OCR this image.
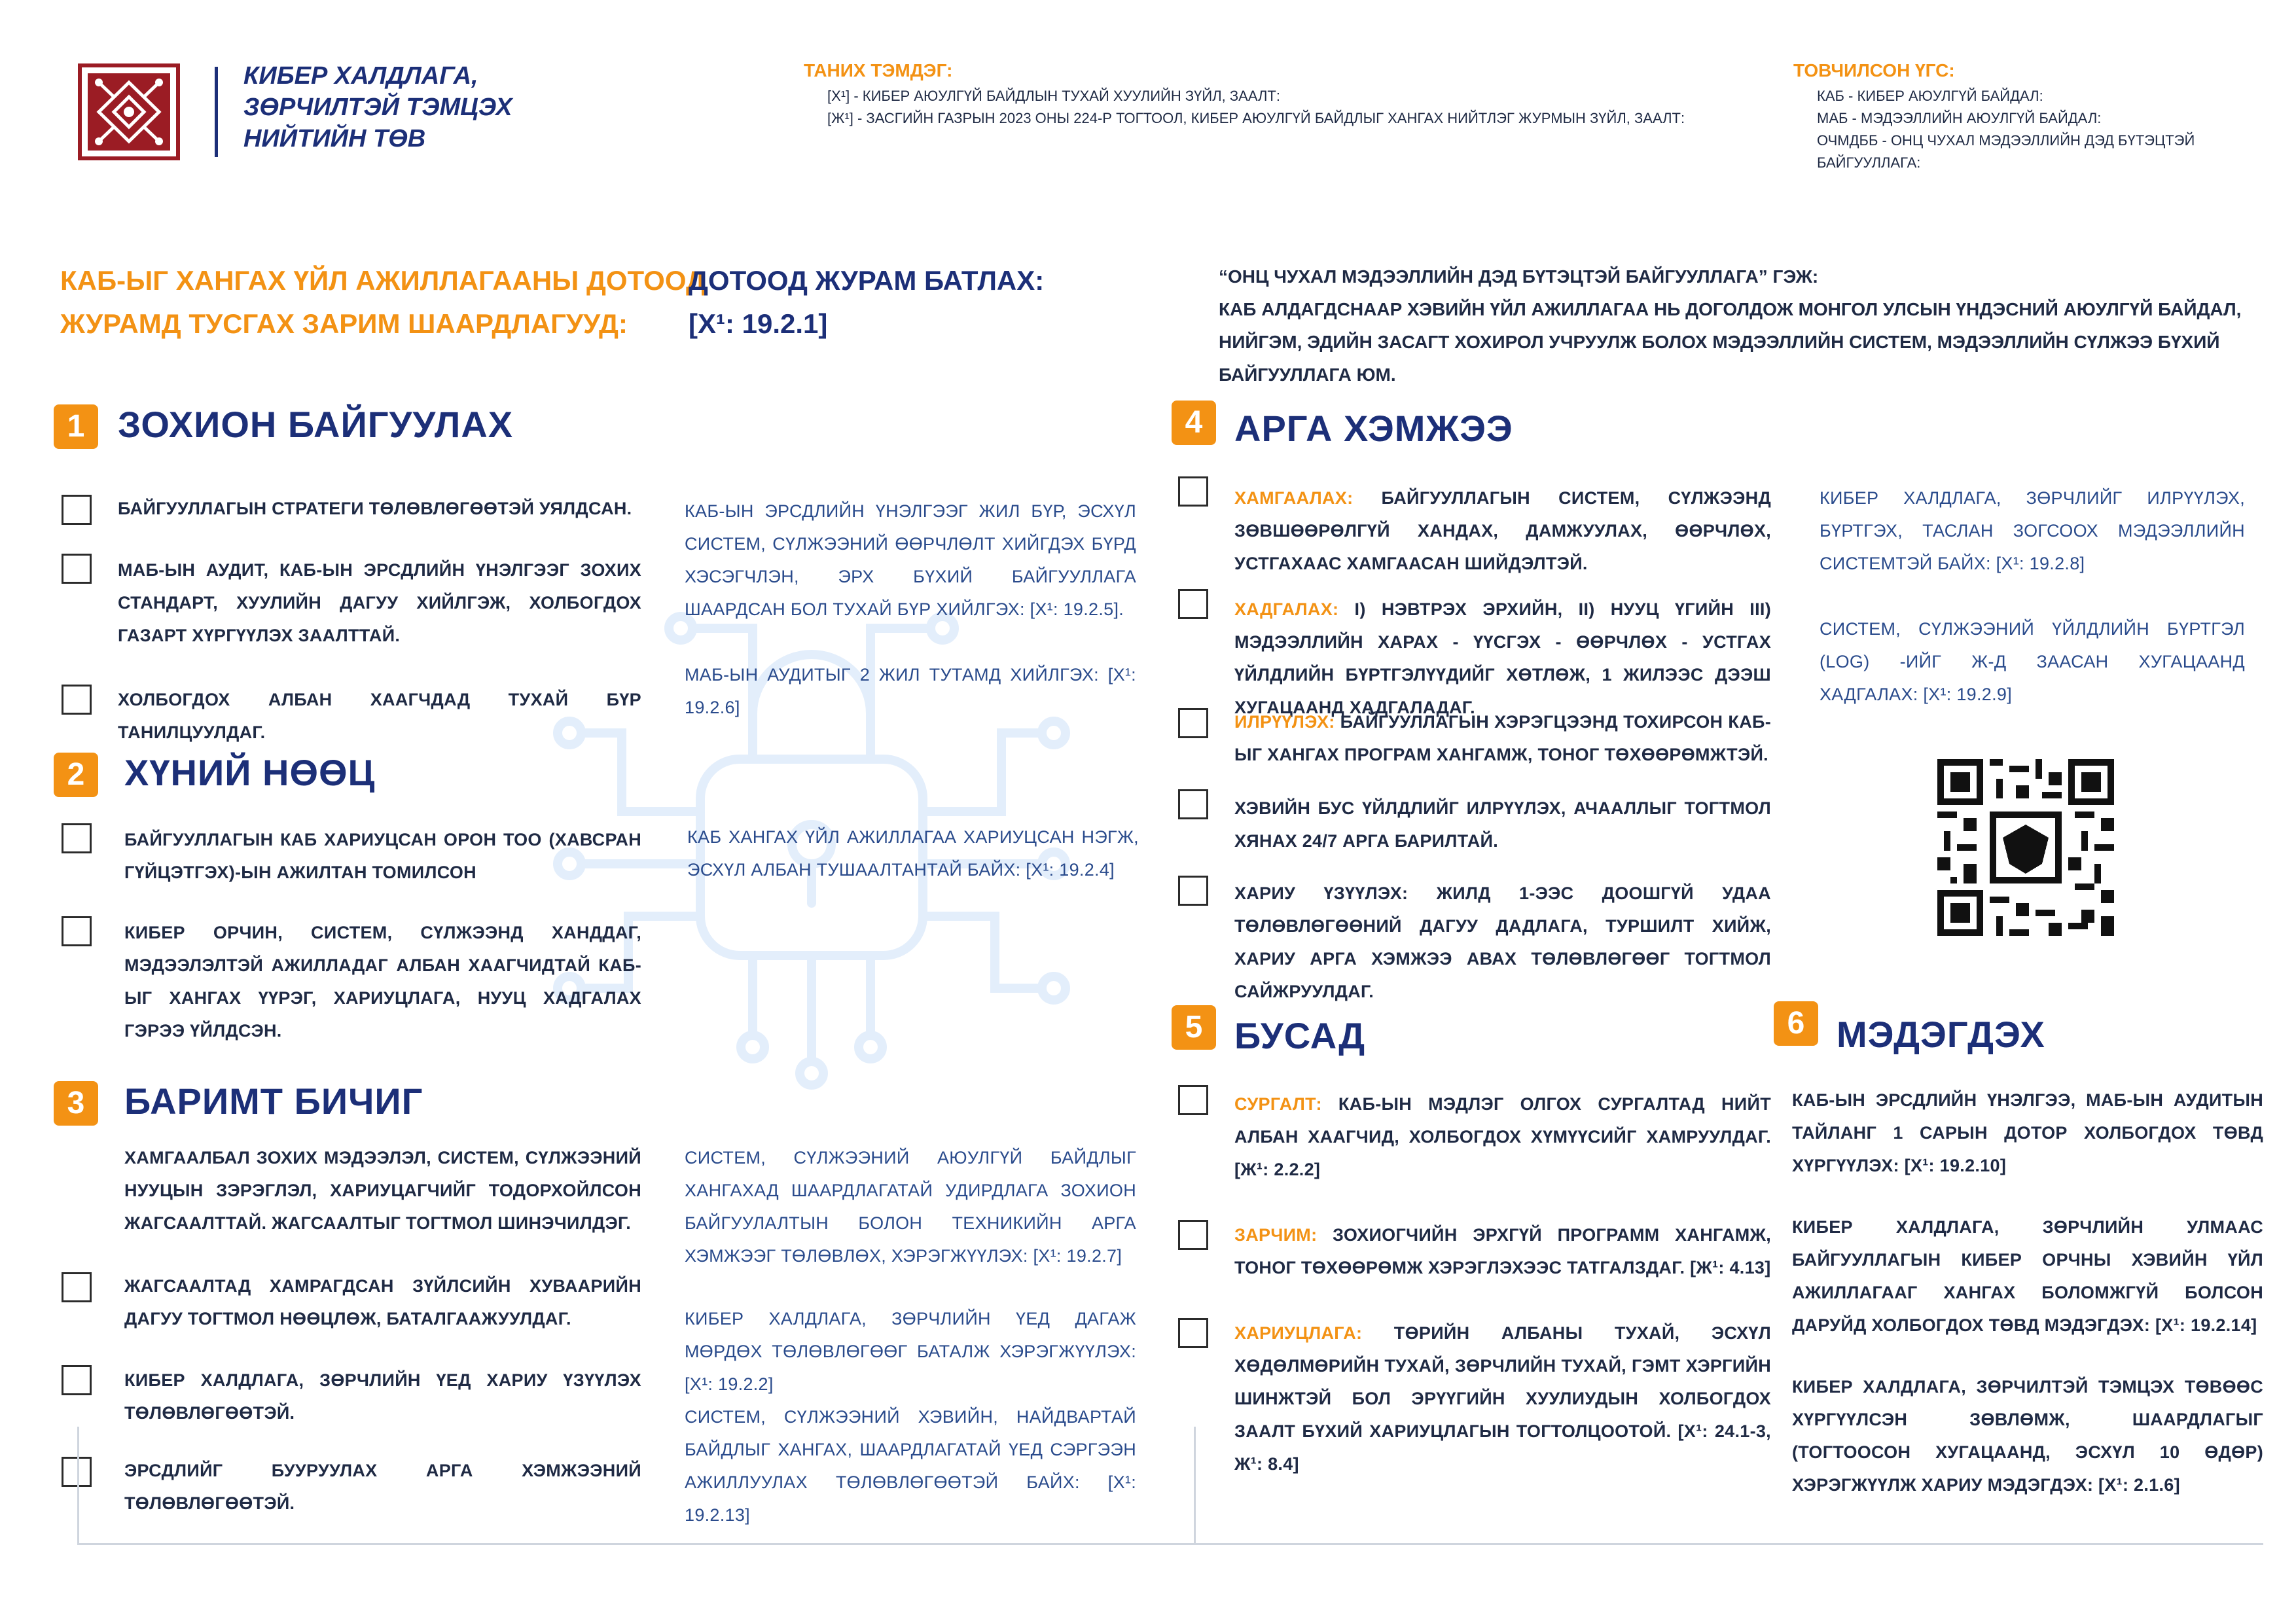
КИБЕР ХАЛДЛАГА,
ЗӨРЧИЛТЭЙ ТЭМЦЭХ
НИЙТИЙН ТӨВ
ТАНИХ ТЭМДЭГ:
[Х¹] - КИБЕР АЮУЛГҮЙ БАЙДЛЫН ТУХАЙ ХУУЛИЙН ЗҮЙЛ, ЗААЛТ:
[Ж¹] - ЗАСГИЙН ГАЗРЫН 2023 ОНЫ 224-Р ТОГТООЛ, КИБЕР АЮУЛГҮЙ БАЙДЛЫГ ХАНГАХ НИЙТЛЭГ ЖУРМЫН ЗҮЙЛ, ЗААЛТ:
ТОВЧИЛСОН ҮГС:
КАБ - КИБЕР АЮУЛГҮЙ БАЙДАЛ:
МАБ - МЭДЭЭЛЛИЙН АЮУЛГҮЙ БАЙДАЛ:
ОЧМДББ - ОНЦ ЧУХАЛ МЭДЭЭЛЛИЙН ДЭД БҮТЭЦТЭЙ БАЙГУУЛЛАГА:
КАБ-ЫГ ХАНГАХ ҮЙЛ АЖИЛЛАГААНЫ ДОТООД
ЖУРАМД ТУСГАХ ЗАРИМ ШААРДЛАГУУД:
ДОТООД ЖУРАМ БАТЛАХ:
[Х¹: 19.2.1]
“ОНЦ ЧУХАЛ МЭДЭЭЛЛИЙН ДЭД БҮТЭЦТЭЙ БАЙГУУЛЛАГА” ГЭЖ:
КАБ АЛДАГДСНААР ХЭВИЙН ҮЙЛ АЖИЛЛАГАА НЬ ДОГОЛДОЖ МОНГОЛ УЛСЫН ҮНДЭСНИЙ АЮУЛГҮЙ БАЙДАЛ,
НИЙГЭМ, ЭДИЙН ЗАСАГТ ХОХИРОЛ УЧРУУЛЖ БОЛОХ МЭДЭЭЛЛИЙН СИСТЕМ, МЭДЭЭЛЛИЙН СҮЛЖЭЭ БҮХИЙ БАЙГУУЛЛАГА ЮМ.
1 ЗОХИОН БАЙГУУЛАХ
БАЙГУУЛЛАГЫН СТРАТЕГИ ТӨЛӨВЛӨГӨӨТЭЙ УЯЛДСАН.
МАБ-ЫН АУДИТ, КАБ-ЫН ЭРСДЛИЙН ҮНЭЛГЭЭГ ЗОХИХ СТАНДАРТ, ХУУЛИЙН ДАГУУ ХИЙЛГЭЖ, ХОЛБОГДОХ ГАЗАРТ ХҮРГҮҮЛЭХ ЗААЛТТАЙ.
ХОЛБОГДОХ АЛБАН ХААГЧДАД ТУХАЙ БҮР ТАНИЛЦУУЛДАГ.
КАБ-ЫН ЭРСДЛИЙН ҮНЭЛГЭЭГ ЖИЛ БҮР, ЭСХҮЛ СИСТЕМ, СҮЛЖЭЭНИЙ ӨӨРЧЛӨЛТ ХИЙГДЭХ БҮРД ХЭСЭГЧЛЭН, ЭРХ БҮХИЙ БАЙГУУЛЛАГА ШААРДСАН БОЛ ТУХАЙ БҮР ХИЙЛГЭХ: [Х¹: 19.2.5].
МАБ-ЫН АУДИТЫГ 2 ЖИЛ ТУТАМД ХИЙЛГЭХ: [Х¹: 19.2.6]
2	ХҮНИЙ НӨӨЦ
БАЙГУУЛЛАГЫН КАБ ХАРИУЦСАН ОРОН ТОО (ХАВСРАН ГҮЙЦЭТГЭХ)-ЫН АЖИЛТАН ТОМИЛСОН
КИБЕР ОРЧИН, СИСТЕМ, СҮЛЖЭЭНД ХАНДДАГ, МЭДЭЭЛЭЛТЭЙ АЖИЛЛАДАГ АЛБАН ХААГЧИДТАЙ КАБ-ЫГ ХАНГАХ ҮҮРЭГ, ХАРИУЦЛАГА, НУУЦ ХАДГАЛАХ ГЭРЭЭ ҮЙЛДСЭН.
КАБ ХАНГАХ ҮЙЛ АЖИЛЛАГАА ХАРИУЦСАН НЭГЖ, ЭСХҮЛ АЛБАН ТУШААЛТАНТАЙ БАЙХ: [Х¹: 19.2.4]
3	БАРИМТ БИЧИГ
ХАМГААЛБАЛ ЗОХИХ МЭДЭЭЛЭЛ, СИСТЕМ, СҮЛЖЭЭНИЙ НУУЦЫН ЗЭРЭГЛЭЛ, ХАРИУЦАГЧИЙГ ТОДОРХОЙЛСОН ЖАГСААЛТТАЙ. ЖАГСААЛТЫГ ТОГТМОЛ ШИНЭЧИЛДЭГ.
ЖАГСААЛТАД ХАМРАГДСАН ЗҮЙЛСИЙН ХУВААРИЙН ДАГУУ ТОГТМОЛ НӨӨЦЛӨЖ, БАТАЛГААЖУУЛДАГ.
КИБЕР ХАЛДЛАГА, ЗӨРЧЛИЙН ҮЕД ХАРИУ ҮЗҮҮЛЭХ ТӨЛӨВЛӨГӨӨТЭЙ.
ЭРСДЛИЙГ БУУРУУЛАХ АРГА ХЭМЖЭЭНИЙ ТӨЛӨВЛӨГӨӨТЭЙ.
СИСТЕМ, СҮЛЖЭЭНИЙ АЮУЛГҮЙ БАЙДЛЫГ ХАНГАХАД ШААРДЛАГАТАЙ УДИРДЛАГА ЗОХИОН БАЙГУУЛАЛТЫН БОЛОН ТЕХНИКИЙН АРГА ХЭМЖЭЭГ ТӨЛӨВЛӨХ, ХЭРЭГЖҮҮЛЭХ: [Х¹: 19.2.7]
КИБЕР ХАЛДЛАГА, ЗӨРЧЛИЙН ҮЕД ДАГАЖ МӨРДӨХ ТӨЛӨВЛӨГӨӨГ БАТАЛЖ ХЭРЭГЖҮҮЛЭХ: [Х¹: 19.2.2]
СИСТЕМ, СҮЛЖЭЭНИЙ ХЭВИЙН, НАЙДВАРТАЙ БАЙДЛЫГ ХАНГАХ, ШААРДЛАГАТАЙ ҮЕД СЭРГЭЭН АЖИЛЛУУЛАХ ТӨЛӨВЛӨГӨӨТЭЙ БАЙХ: [Х¹: 19.2.13]
4 АРГА ХЭМЖЭЭ
ХАМГААЛАХ: БАЙГУУЛЛАГЫН СИСТЕМ, СҮЛЖЭЭНД ЗӨВШӨӨРӨЛГҮЙ ХАНДАХ, ДАМЖУУЛАХ, ӨӨРЧЛӨХ, УСТГАХААС ХАМГААСАН ШИЙДЭЛТЭЙ.
ХАДГАЛАХ: I) НЭВТРЭХ ЭРХИЙН, II) НУУЦ ҮГИЙН III) МЭДЭЭЛЛИЙН ХАРАХ - ҮҮСГЭХ - ӨӨРЧЛӨХ - УСТГАХ ҮЙЛДЛИЙН БҮРТГЭЛҮҮДИЙГ ХӨТЛӨЖ, 1 ЖИЛЭЭС ДЭЭШ ХУГАЦААНД ХАДГАЛАДАГ.
ИЛРҮҮЛЭХ: БАЙГУУЛЛАГЫН ХЭРЭГЦЭЭНД ТОХИРСОН КАБ-ЫГ ХАНГАХ ПРОГРАМ ХАНГАМЖ, ТОНОГ ТӨХӨӨРӨМЖТЭЙ.
ХЭВИЙН БУС ҮЙЛДЛИЙГ ИЛРҮҮЛЭХ, АЧААЛЛЫГ ТОГТМОЛ ХЯНАХ 24/7 АРГА БАРИЛТАЙ.
ХАРИУ ҮЗҮҮЛЭХ: ЖИЛД 1-ЭЭС ДООШГҮЙ УДАА ТӨЛӨВЛӨГӨӨНИЙ ДАГУУ ДАДЛАГА, ТУРШИЛТ ХИЙЖ, ХАРИУ АРГА ХЭМЖЭЭ АВАХ ТӨЛӨВЛӨГӨӨГ ТОГТМОЛ САЙЖРУУЛДАГ.
КИБЕР ХАЛДЛАГА, ЗӨРЧЛИЙГ ИЛРҮҮЛЭХ, БҮРТГЭХ, ТАСЛАН ЗОГСООХ МЭДЭЭЛЛИЙН СИСТЕМТЭЙ БАЙХ: [Х¹: 19.2.8]
СИСТЕМ, СҮЛЖЭЭНИЙ ҮЙЛДЛИЙН БҮРТГЭЛ (LOG) -ИЙГ Ж-Д ЗААСАН ХУГАЦААНД ХАДГАЛАХ: [Х¹: 19.2.9]
5 БУСАД
СУРГАЛТ: КАБ-ЫН МЭДЛЭГ ОЛГОХ СУРГАЛТАД НИЙТ АЛБАН ХААГЧИД, ХОЛБОГДОХ ХҮМҮҮСИЙГ ХАМРУУЛДАГ. [Ж¹: 2.2.2]
ЗАРЧИМ: ЗОХИОГЧИЙН ЭРХГҮЙ ПРОГРАММ ХАНГАМЖ, ТОНОГ ТӨХӨӨРӨМЖ ХЭРЭГЛЭХЭЭС ТАТГАЛЗДАГ. [Ж¹: 4.13]
ХАРИУЦЛАГА: ТӨРИЙН АЛБАНЫ ТУХАЙ, ЭСХҮЛ ХӨДӨЛМӨРИЙН ТУХАЙ, ЗӨРЧЛИЙН ТУХАЙ, ГЭМТ ХЭРГИЙН ШИНЖТЭЙ БОЛ ЭРҮҮГИЙН ХУУЛИУДЫН ХОЛБОГДОХ ЗААЛТ БҮХИЙ ХАРИУЦЛАГЫН ТОГТОЛЦООТОЙ. [Х¹: 24.1-3, Ж¹: 8.4]
6 МЭДЭГДЭХ
КАБ-ЫН ЭРСДЛИЙН ҮНЭЛГЭЭ, МАБ-ЫН АУДИТЫН ТАЙЛАНГ 1 САРЫН ДОТОР ХОЛБОГДОХ ТӨВД ХҮРГҮҮЛЭХ: [Х¹: 19.2.10]
КИБЕР ХАЛДЛАГА, ЗӨРЧЛИЙН УЛМААС БАЙГУУЛЛАГЫН КИБЕР ОРЧНЫ ХЭВИЙН ҮЙЛ АЖИЛЛАГААГ ХАНГАХ БОЛОМЖГҮЙ БОЛСОН ДАРУЙД ХОЛБОГДОХ ТӨВД МЭДЭГДЭХ: [Х¹: 19.2.14]
КИБЕР ХАЛДЛАГА, ЗӨРЧИЛТЭЙ ТЭМЦЭХ ТӨВӨӨС ХҮРГҮҮЛСЭН ЗӨВЛӨМЖ, ШААРДЛАГЫГ (ТОГТООСОН ХУГАЦААНД, ЭСХҮЛ 10 ӨДӨР) ХЭРЭГЖҮҮЛЖ ХАРИУ МЭДЭГДЭХ: [Х¹: 2.1.6]
